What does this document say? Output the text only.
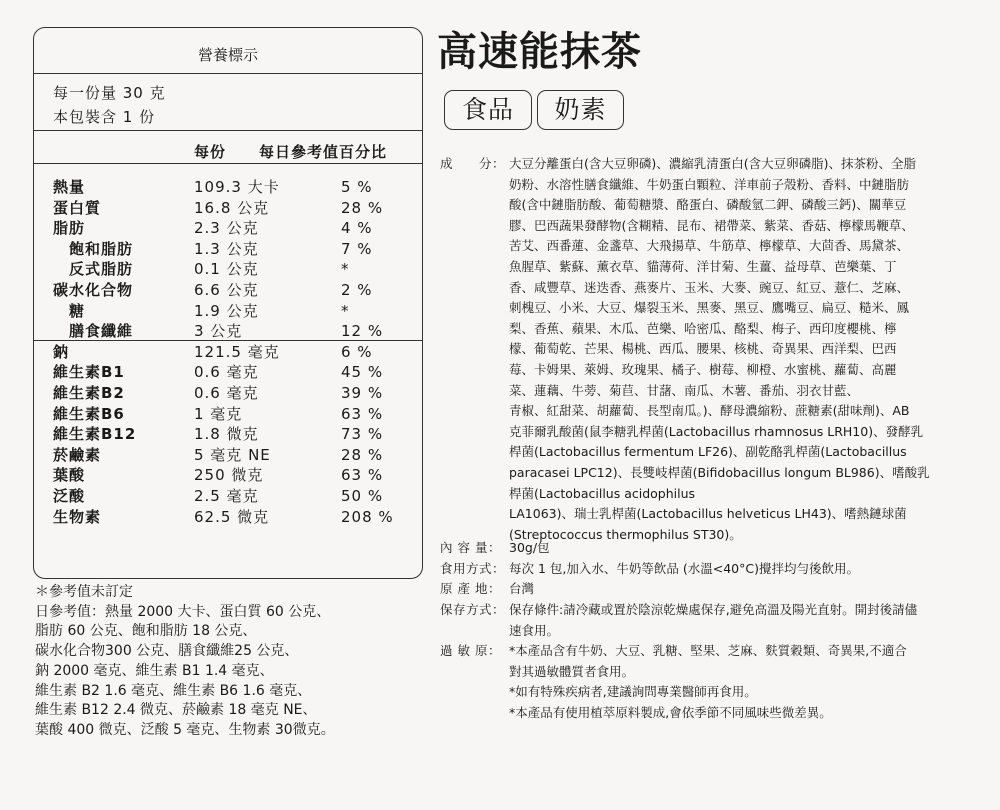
營養標示
每一份量 30 克
本包裝含 1 份
每份 每日參考值百分比
熱量	109.3 大卡	5 %
蛋白質	16.8 公克	28 %
脂肪	2.3 公克	4 %
飽和脂肪	1.3 公克	7 %
反式脂肪	0.1 公克	*
碳水化合物	6.6 公克	2 %
糖	1.9 公克	*
膳食纖維	3 公克	12 %
鈉	121.5 毫克	6 %
維生素B1	0.6 毫克	45 %
維生素B2	0.6 毫克	39 %
維生素B6	1 毫克	63 %
維生素B12	1.8 微克	73 %
菸鹼素	5 毫克 NE	28 %
葉酸	250 微克	63 %
泛酸	2.5 毫克	50 %
生物素	62.5 微克	208 %
＊參考值未訂定
日參考值：熱量 2000 大卡、蛋白質 60 公克、
脂肪 60 公克、飽和脂肪 18 公克、
碳水化合物300 公克、膳食纖維25 公克、
鈉 2000 毫克、維生素 B1 1.4 毫克、
維生素 B2 1.6 毫克、維生素 B6 1.6 毫克、
維生素 B12 2.4 微克、菸鹼素 18 毫克 NE、
葉酸 400 微克、泛酸 5 毫克、生物素 30微克。
高速能抹茶
食品	奶素
成　　分： 大豆分離蛋白(含大豆卵磷)、濃縮乳清蛋白(含大豆卵磷脂)、抹茶粉、全脂
奶粉、水溶性膳食纖維、牛奶蛋白顆粒、洋車前子殼粉、香料、中鏈脂肪
酸(含中鏈脂肪酸、葡萄糖漿、酪蛋白、磷酸氫二鉀、磷酸三鈣)、關華豆
膠、巴西蔬果發酵物(含糊精、昆布、裙帶菜、紫菜、香菇、檸檬馬鞭草、
苦艾、西番蓮、金盞草、大飛揚草、牛筋草、檸檬草、大茴香、馬黛茶、
魚腥草、紫蘇、薰衣草、貓薄荷、洋甘菊、生薑、益母草、芭樂葉、丁
香、咸豐草、迷迭香、燕麥片、玉米、大麥、豌豆、紅豆、薏仁、芝麻、
刺槐豆、小米、大豆、爆裂玉米、黑麥、黑豆、鷹嘴豆、扁豆、糙米、鳳
梨、香蕉、蘋果、木瓜、芭樂、哈密瓜、酪梨、梅子、西印度櫻桃、檸
檬、葡萄乾、芒果、楊桃、西瓜、腰果、核桃、奇異果、西洋梨、巴西
莓、卡姆果、萊姆、玫瑰果、橘子、樹莓、柳橙、水蜜桃、蘿蔔、高麗
菜、蓮藕、牛蒡、菊苣、甘藷、南瓜、木薯、番茄、羽衣甘藍、
青椒、紅甜菜、胡蘿蔔、長型南瓜。)、酵母濃縮粉、蔗糖素(甜味劑)、AB
克菲爾乳酸菌(鼠李糖乳桿菌(Lactobacillus rhamnosus LRH10)、發酵乳
桿菌(Lactobacillus fermentum LF26)、副乾酪乳桿菌(Lactobacillus
paracasei LPC12)、長雙岐桿菌(Bifidobacillus longum BL986)、嗜酸乳
桿菌(Lactobacillus acidophilus
LA1063)、瑞士乳桿菌(Lactobacillus helveticus LH43)、嗜熱鏈球菌
(Streptococcus thermophilus ST30)。
內 容 量： 30g/包
食用方式： 每次 1 包,加入水、牛奶等飲品 (水溫<40°C)攪拌均勻後飲用。
原 產 地： 台灣
保存方式： 保存條件:請冷藏或置於陰涼乾燥處保存,避免高溫及陽光直射。開封後請儘
速食用。
過 敏 原： *本產品含有牛奶、大豆、乳糖、堅果、芝麻、麩質穀類、奇異果,不適合
對其過敏體質者食用。
*如有特殊疾病者,建議詢問專業醫師再食用。
*本產品有使用植萃原料製成,會依季節不同風味些微差異。
